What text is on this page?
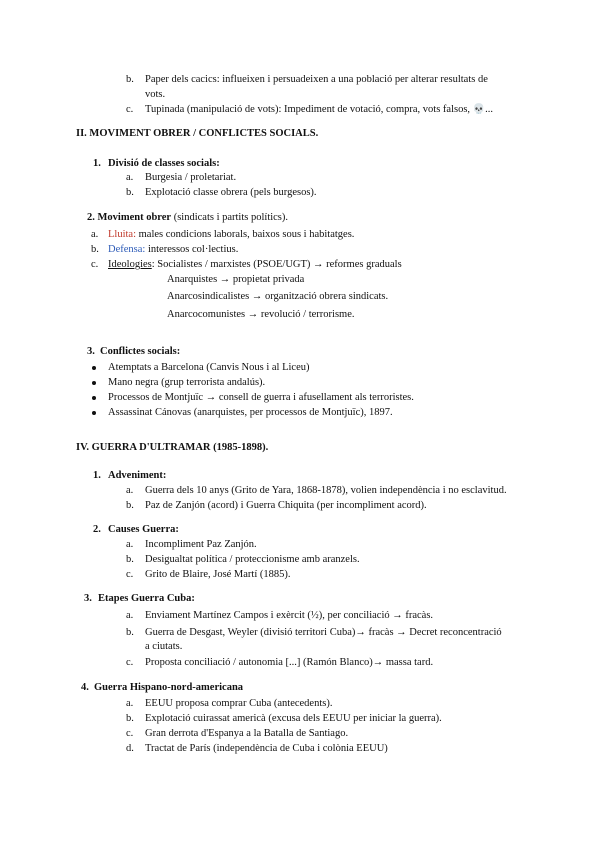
b. Paper dels cacics: influeixen i persuadeixen a una població per alterar resultats de
vots.
c. Tupinada (manipulació de vots): Impediment de votació, compra, vots falsos, 💀...
II. MOVIMENT OBRER / CONFLICTES SOCIALS.
1. Divisió de classes socials:
a. Burgesia / proletariat.
b. Explotació classe obrera (pels burgesos).
2. Moviment obrer (sindicats i partits polítics).
a. Lluita: males condicions laborals, baixos sous i habitatges.
b. Defensa: interessos col·lectius.
c. Ideologies: Socialistes / marxistes (PSOE/UGT) → reformes graduals
Anarquistes → propietat privada
Anarcosindicalistes → organització obrera sindicats.
Anarcocomunistes → revolució / terrorisme.
3. Conflictes socials:
Atemptats a Barcelona (Canvis Nous i al Liceu)
Mano negra (grup terrorista andalús).
Processos de Montjuïc → consell de guerra i afusellament als terroristes.
Assassinat Cánovas (anarquistes, per processos de Montjuïc), 1897.
IV. GUERRA D'ULTRAMAR (1985-1898).
1. Adveniment:
a. Guerra dels 10 anys (Grito de Yara, 1868-1878), volien independència i no esclavitud.
b. Paz de Zanjón (acord) i Guerra Chiquita (per incompliment acord).
2. Causes Guerra:
a. Incompliment Paz Zanjón.
b. Desigualtat política / proteccionisme amb aranzels.
c. Grito de Blaire, José Martí (1885).
3. Etapes Guerra Cuba:
a. Enviament Martínez Campos i exèrcit (½), per conciliació → fracàs.
b. Guerra de Desgast, Weyler (divisió territori Cuba)→ fracàs → Decret reconcentració
a ciutats.
c. Proposta conciliació / autonomia [...] (Ramón Blanco)→ massa tard.
4. Guerra Hispano-nord-americana
a. EEUU proposa comprar Cuba (antecedents).
b. Explotació cuirassat americà (excusa dels EEUU per iniciar la guerra).
c. Gran derrota d'Espanya a la Batalla de Santiago.
d. Tractat de París (independència de Cuba i colònia EEUU)
